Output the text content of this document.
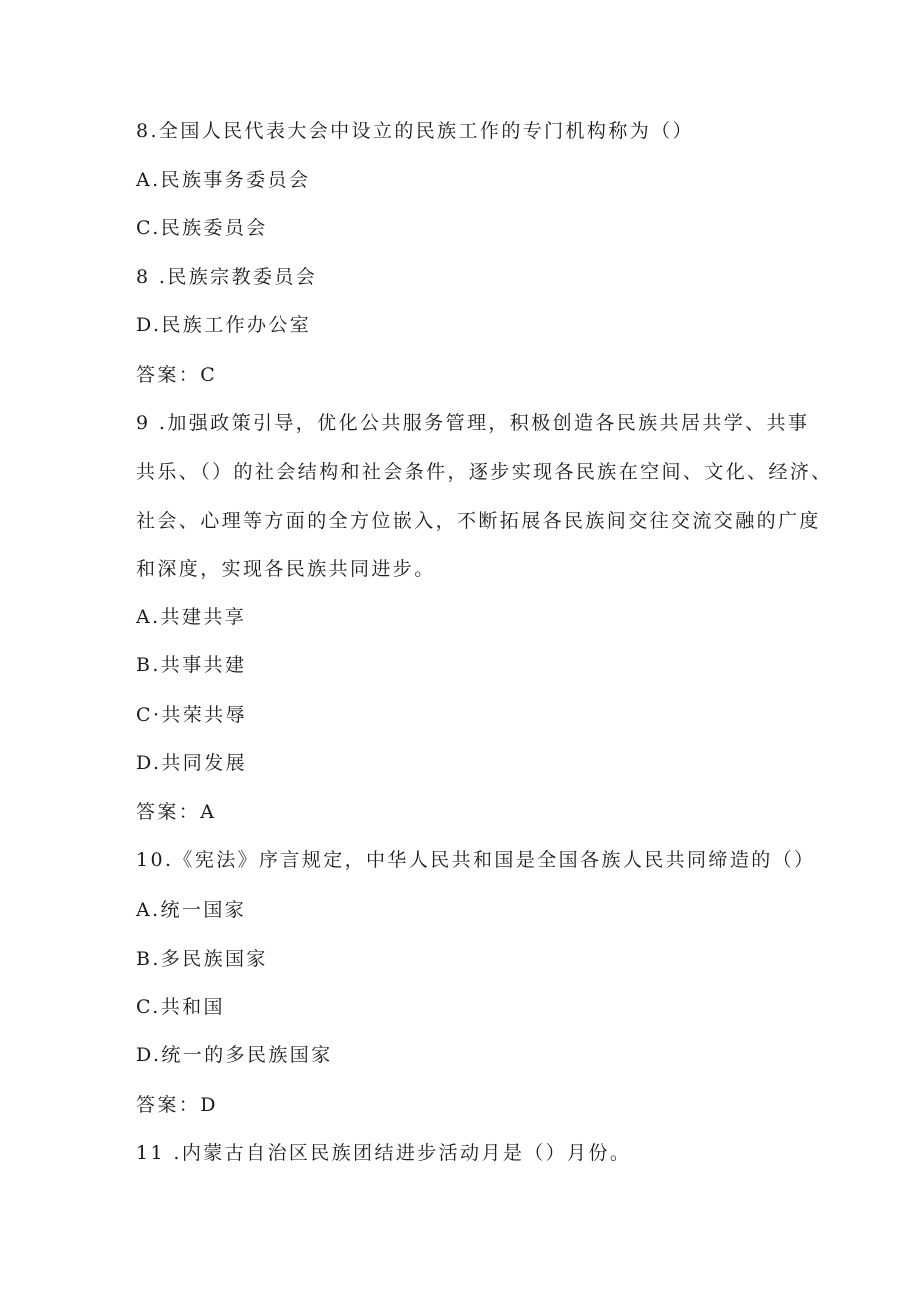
8.全国人民代表大会中设立的民族工作的专门机构称为（）
A.民族事务委员会
C.民族委员会
8 .民族宗教委员会
D.民族工作办公室
答案：C
9 .加强政策引导，优化公共服务管理，积极创造各民族共居共学、共事
共乐、（）的社会结构和社会条件，逐步实现各民族在空间、文化、经济、
社会、心理等方面的全方位嵌入，不断拓展各民族间交往交流交融的广度
和深度，实现各民族共同进步。
A.共建共享
B.共事共建
C·共荣共辱
D.共同发展
答案：A
10.《宪法》序言规定，中华人民共和国是全国各族人民共同缔造的（）
A.统一国家
B.多民族国家
C.共和国
D.统一的多民族国家
答案：D
11 .内蒙古自治区民族团结进步活动月是（）月份。
